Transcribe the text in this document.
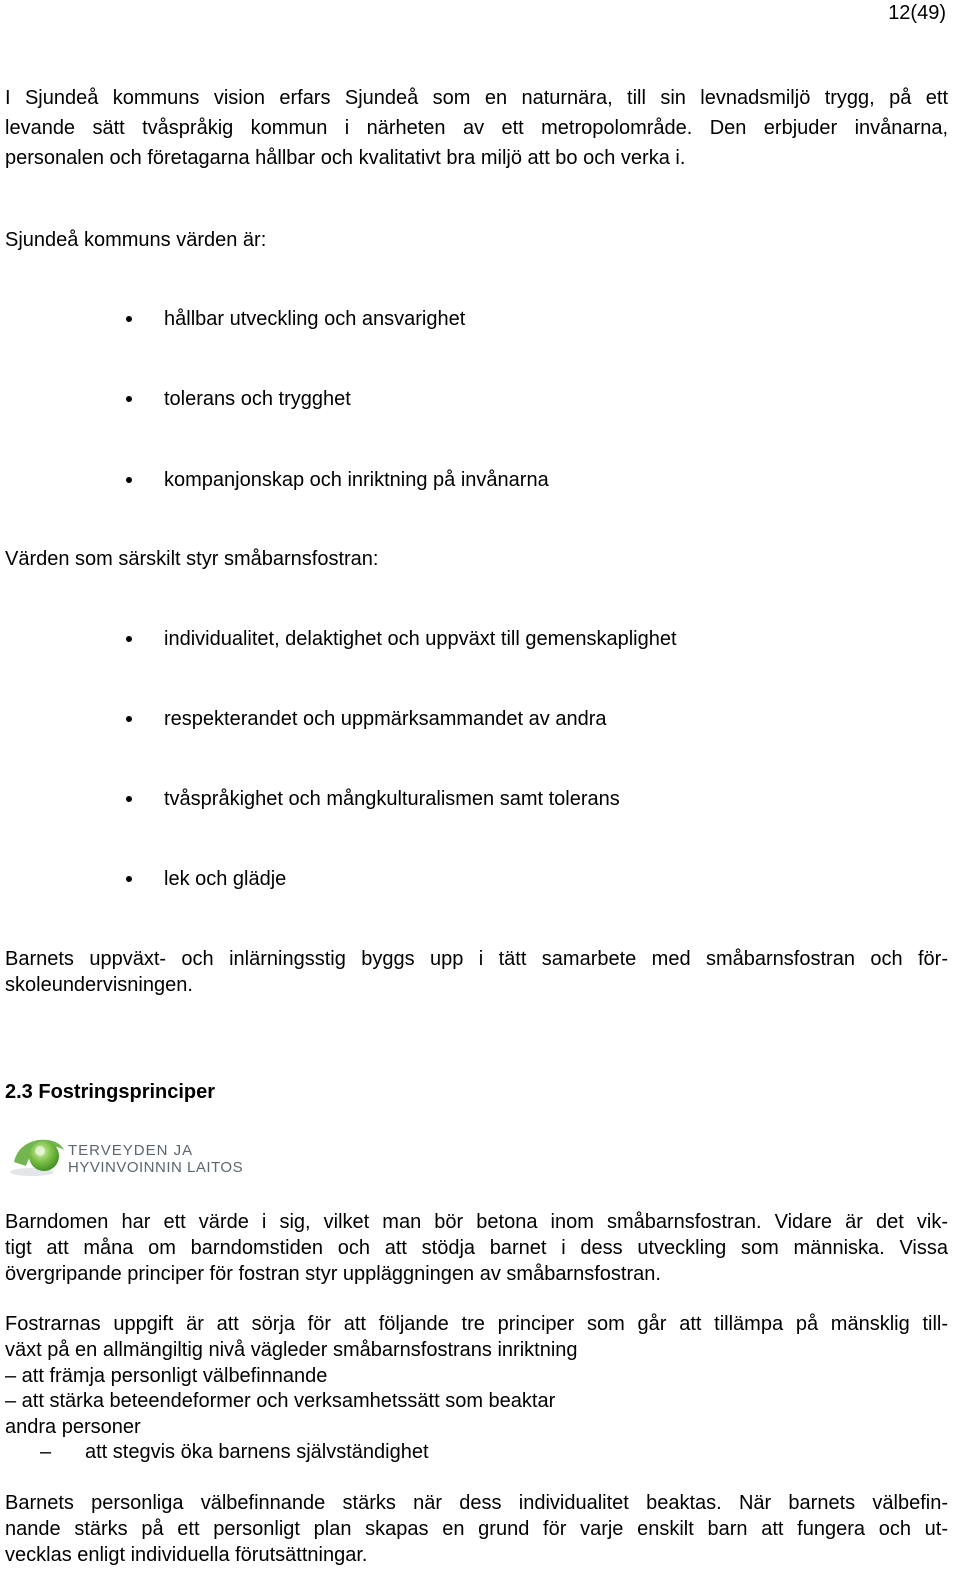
12(49)
I Sjundeå kommuns vision erfars Sjundeå som en naturnära, till sin levnadsmiljö trygg, på ett
levande sätt tvåspråkig kommun i närheten av ett metropolområde. Den erbjuder invånarna,
personalen och företagarna hållbar och kvalitativt bra miljö att bo och verka i.
Sjundeå kommuns värden är:
hållbar utveckling och ansvarighet
tolerans och trygghet
kompanjonskap och inriktning på invånarna
Värden som särskilt styr småbarnsfostran:
individualitet, delaktighet och uppväxt till gemenskaplighet
respekterandet och uppmärksammandet av andra
tvåspråkighet och mångkulturalismen samt tolerans
lek och glädje
Barnets uppväxt- och inlärningsstig byggs upp i tätt samarbete med småbarnsfostran och för-
skoleundervisningen.
2.3 Fostringsprinciper
TERVEYDEN JA
HYVINVOINNIN LAITOS
Barndomen har ett värde i sig, vilket man bör betona inom småbarnsfostran. Vidare är det vik-
tigt att måna om barndomstiden och att stödja barnet i dess utveckling som människa. Vissa
övergripande principer för fostran styr uppläggningen av småbarnsfostran.
Fostrarnas uppgift är att sörja för att följande tre principer som går att tillämpa på mänsklig till-
växt på en allmängiltig nivå vägleder småbarnsfostrans inriktning
– att främja personligt välbefinnande
– att stärka beteendeformer och verksamhetssätt som beaktar
andra personer
– att stegvis öka barnens självständighet
Barnets personliga välbefinnande stärks när dess individualitet beaktas. När barnets välbefin-
nande stärks på ett personligt plan skapas en grund för varje enskilt barn att fungera och ut-
vecklas enligt individuella förutsättningar.
